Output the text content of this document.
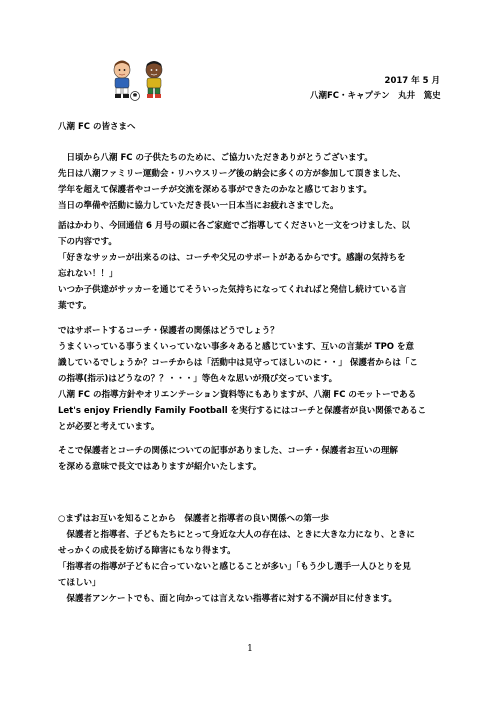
2017 年 5 月
八潮FC・キャプテン　丸井　篤史
八潮 FC の皆さまへ
　日頃から八潮 FC の子供たちのために、ご協力いただきありがとうございます。
先日は八潮ファミリー運動会・リハウスリーグ後の納会に多くの方が参加して頂きました、
学年を超えて保護者やコーチが交流を深める事ができたのかなと感じております。
当日の準備や活動に協力していただき長い一日本当にお疲れさまでした。
話はかわり、今回通信 6 月号の頭に各ご家庭でご指導してくださいと一文をつけました、以
下の内容です。
「好きなサッカーが出来るのは、コーチや父兄のサポートがあるからです。感謝の気持ちを
忘れない！！」
いつか子供達がサッカーを通じてそういった気持ちになってくれればと発信し続けている言
葉です。
ではサポートするコーチ・保護者の関係はどうでしょう？
うまくいっている事うまくいっていない事多々あると感じています、互いの言葉が TPO を意
識しているでしょうか？コーチからは「活動中は見守ってほしいのに・・」 保護者からは「こ
の指導(指示)はどうなの？？・・・」等色々な思いが飛び交っています。
八潮 FC の指導方針やオリエンテーション資料等にもありますが、八潮 FC のモットーである
Let's enjoy Friendly Family Football を実行するにはコーチと保護者が良い関係であるこ
とが必要と考えています。
そこで保護者とコーチの関係についての記事がありました、コーチ・保護者お互いの理解
を深める意味で長文ではありますが紹介いたします。
○まずはお互いを知ることから　保護者と指導者の良い関係への第一歩
　保護者と指導者、子どもたちにとって身近な大人の存在は、ときに大きな力になり、ときに
せっかくの成長を妨げる障害にもなり得ます。
「指導者の指導が子どもに合っていないと感じることが多い」「もう少し選手一人ひとりを見
てほしい」
　保護者アンケートでも、面と向かっては言えない指導者に対する不満が目に付きます。
1
